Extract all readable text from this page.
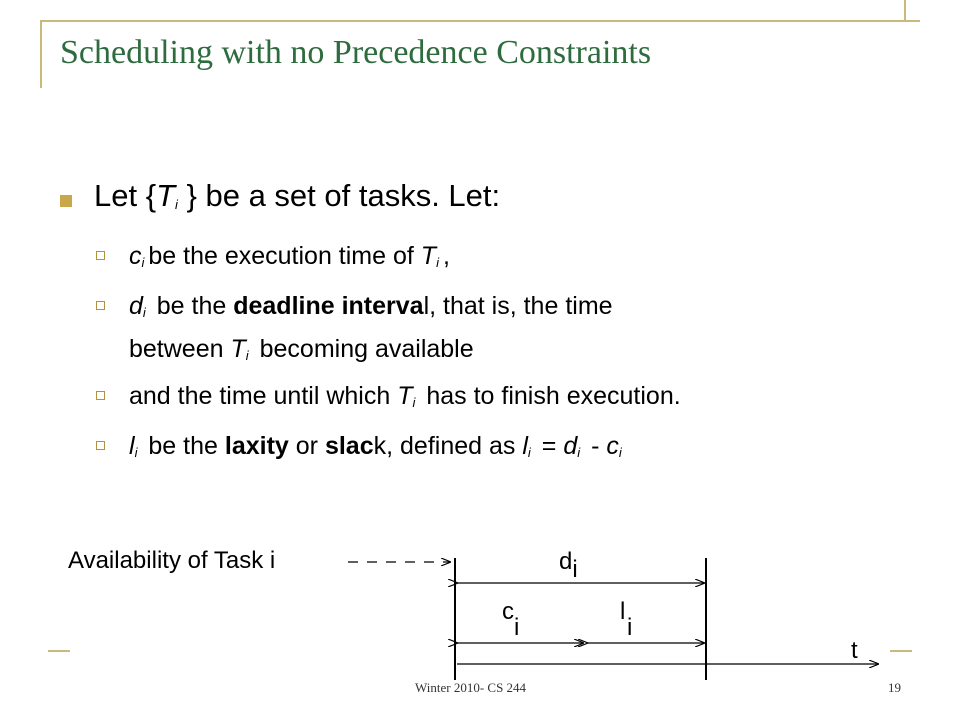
Scheduling with no Precedence Constraints
Let {$T_i$ } be a set of tasks. Let:
$c_i$ be the execution time of $T_i$ ,
$d_i$ be the deadline interval, that is, the time
between $T_i$ becoming available
and the time until which $T_i$ has to finish execution.
$l_i$ be the laxity or slack, defined as $l_i = d_i - c_i$
Availability of Task i	di
ci
li
t
Winter 2010- CS 244	19
